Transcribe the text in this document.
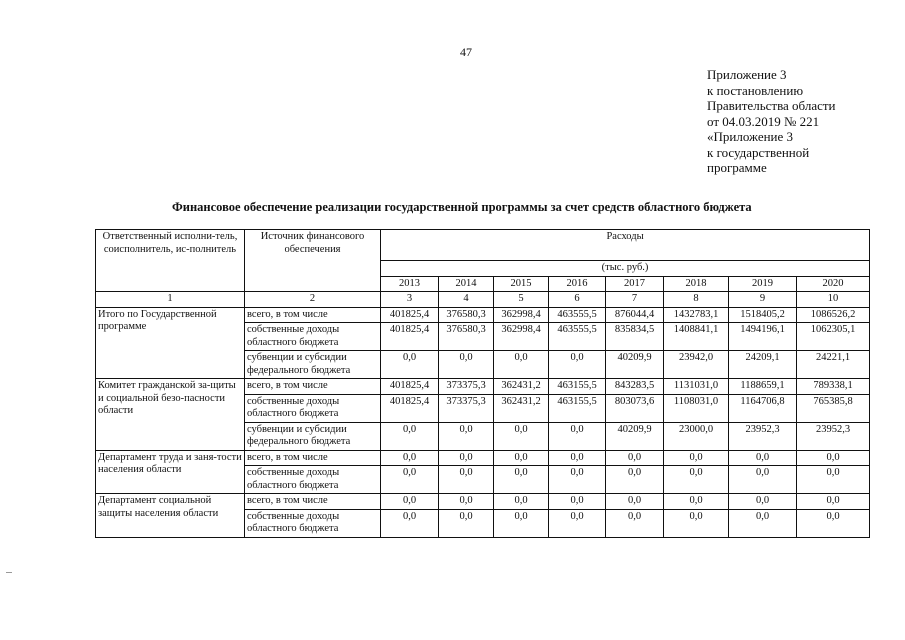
47
Приложение 3
к постановлению
Правительства области
от 04.03.2019 № 221
«Приложение 3
к государственной
программе
Финансовое обеспечение реализации государственной программы за счет средств областного бюджета
Ответственный исполни-тель, соисполнитель, ис-полнитель	Источник финансового обеспечения	Расходы							
		(тыс. руб.)							
		2013	2014	2015	2016	2017	2018	2019	2020
1	2	3	4	5	6	7	8	9	10
Итого по Государственной программе	всего, в том числе	401825,4	376580,3	362998,4	463555,5	876044,4	1432783,1	1518405,2	1086526,2
	собственные доходы областного бюджета	401825,4	376580,3	362998,4	463555,5	835834,5	1408841,1	1494196,1	1062305,1
	субвенции и субсидии федерального бюджета	0,0	0,0	0,0	0,0	40209,9	23942,0	24209,1	24221,1
Комитет гражданской за-щиты и социальной безо-пасности области	всего, в том числе	401825,4	373375,3	362431,2	463155,5	843283,5	1131031,0	1188659,1	789338,1
	собственные доходы областного бюджета	401825,4	373375,3	362431,2	463155,5	803073,6	1108031,0	1164706,8	765385,8
	субвенции и субсидии федерального бюджета	0,0	0,0	0,0	0,0	40209,9	23000,0	23952,3	23952,3
Департамент труда и заня-тости населения области	всего, в том числе	0,0	0,0	0,0	0,0	0,0	0,0	0,0	0,0
	собственные доходы областного бюджета	0,0	0,0	0,0	0,0	0,0	0,0	0,0	0,0
Департамент социальной защиты населения области	всего, в том числе	0,0	0,0	0,0	0,0	0,0	0,0	0,0	0,0
	собственные доходы областного бюджета	0,0	0,0	0,0	0,0	0,0	0,0	0,0	0,0
